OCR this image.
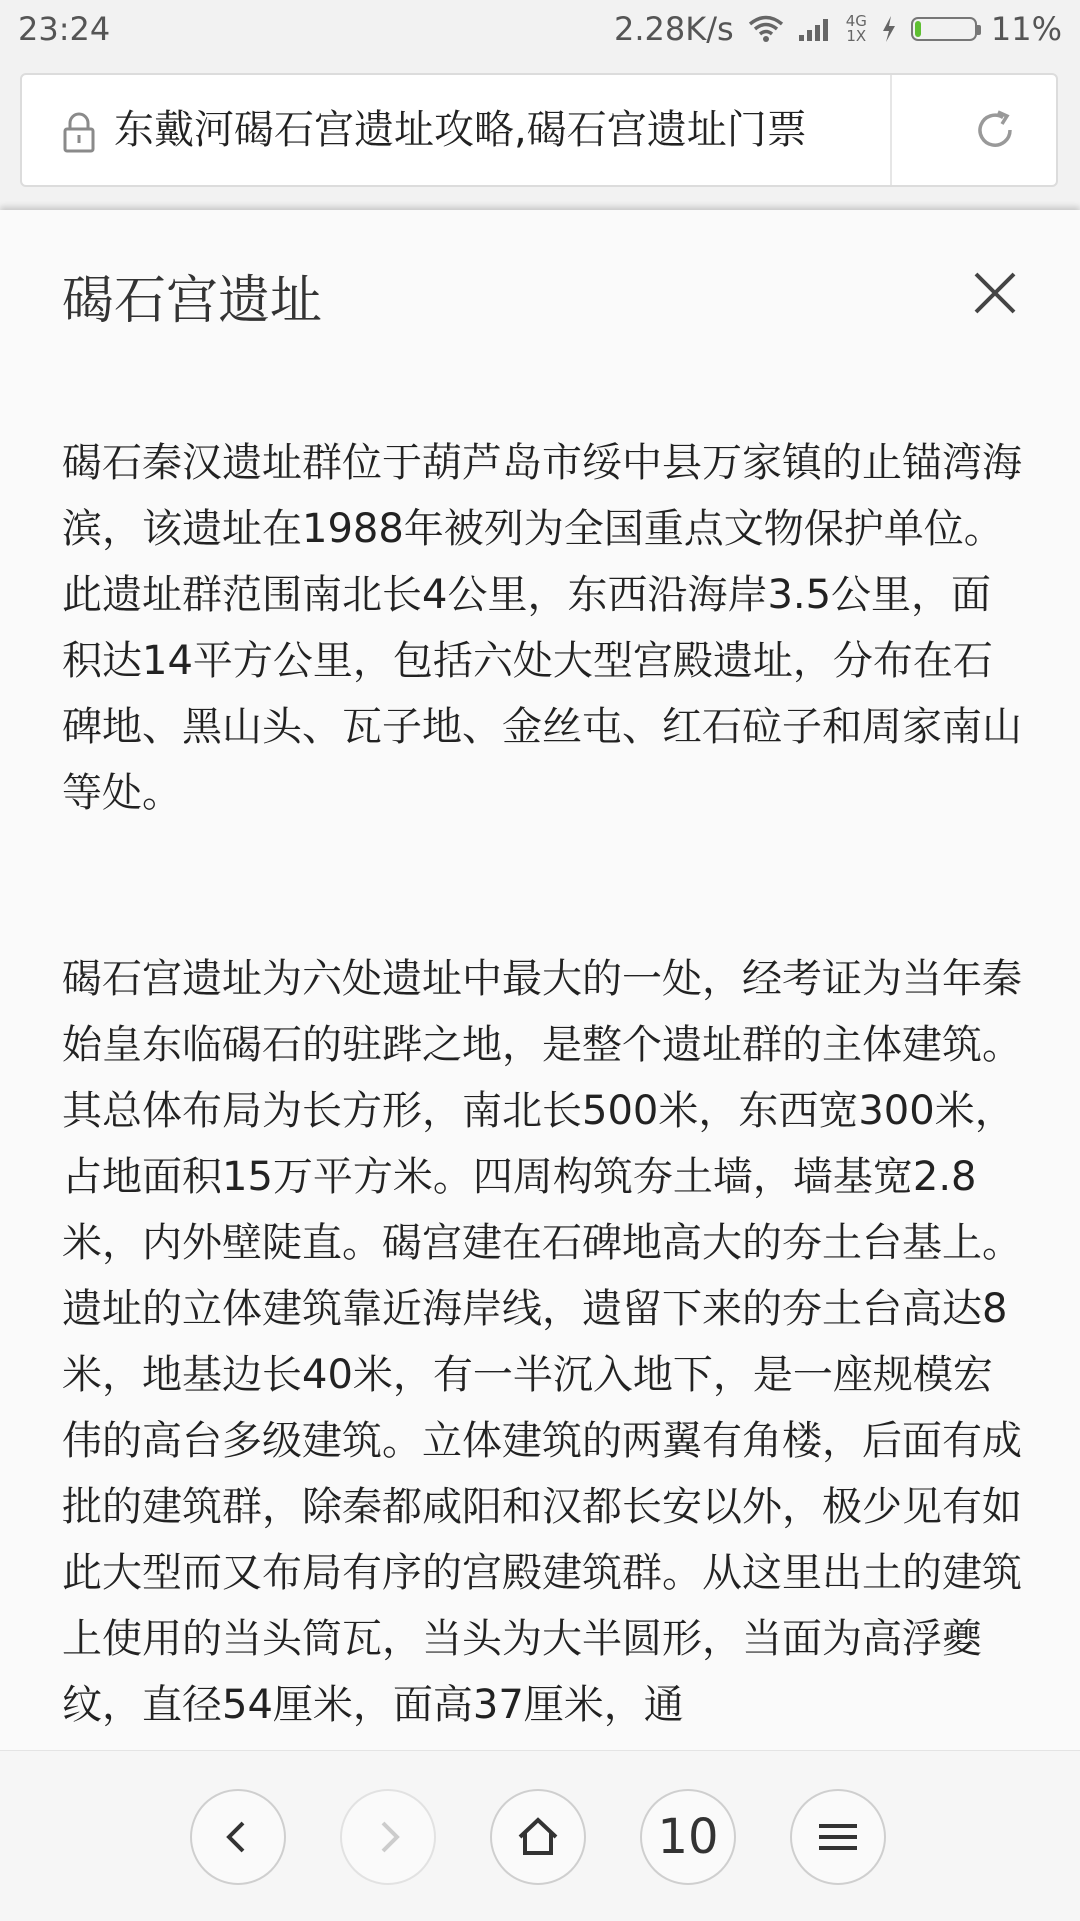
23:24	2.28K/s	4G
1X	11%
东戴河碣石宫遗址攻略,碣石宫遗址门票
碣石宫遗址

碣石秦汉遗址群位于葫芦岛市绥中县万家镇的止锚湾海滨，该遗址在1988年被列为全国重点文物保护单位。此遗址群范围南北长4公里，东西沿海岸3.5公里，面积达14平方公里，包括六处大型宫殿遗址，分布在石碑地、黑山头、瓦子地、金丝屯、红石砬子和周家南山等处。

碣石宫遗址为六处遗址中最大的一处，经考证为当年秦始皇东临碣石的驻跸之地，是整个遗址群的主体建筑。其总体布局为长方形，南北长500米，东西宽300米，占地面积15万平方米。四周构筑夯土墙，墙基宽2.8米，内外壁陡直。碣宫建在石碑地高大的夯土台基上。遗址的立体建筑靠近海岸线，遗留下来的夯土台高达8米，地基边长40米，有一半沉入地下，是一座规模宏伟的高台多级建筑。立体建筑的两翼有角楼，后面有成批的建筑群，除秦都咸阳和汉都长安以外，极少见有如此大型而又布局有序的宫殿建筑群。从这里出土的建筑上使用的当头筒瓦，当头为大半圆形，当面为高浮夔纹，直径54厘米，面高37厘米，通

10
